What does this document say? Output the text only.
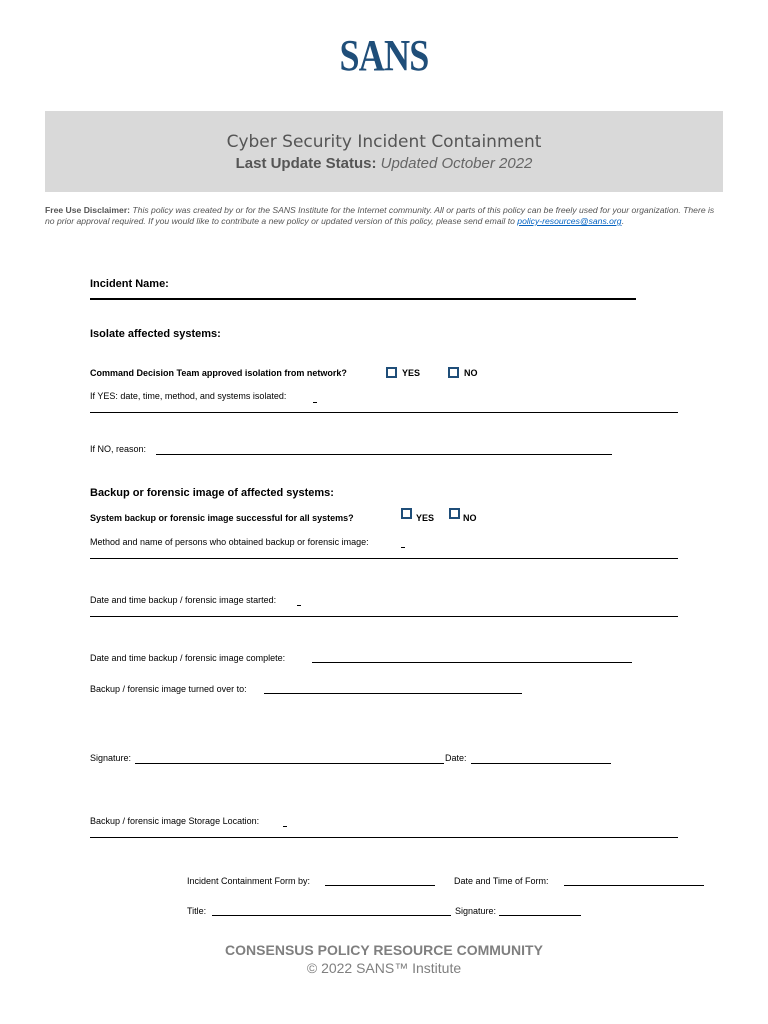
SANS
Cyber Security Incident Containment
Last Update Status: Updated October 2022
Free Use Disclaimer: This policy was created by or for the SANS Institute for the Internet community. All or parts of this policy can be freely used for your organization. There is no prior approval required. If you would like to contribute a new policy or updated version of this policy, please send email to policy-resources@sans.org.
Incident Name:
Isolate affected systems:
Command Decision Team approved isolation from network?	YES	NO
If YES: date, time, method, and systems isolated:
If NO, reason:
Backup or forensic image of affected systems:
System backup or forensic image successful for all systems?	YES	NO
Method and name of persons who obtained backup or forensic image:
Date and time backup / forensic image started:
Date and time backup / forensic image complete:
Backup / forensic image turned over to:
Signature:	Date:
Backup / forensic image Storage Location:
Incident Containment Form by:	Date and Time of Form:
Title:	Signature:
CONSENSUS POLICY RESOURCE COMMUNITY
© 2022 SANS™ Institute
